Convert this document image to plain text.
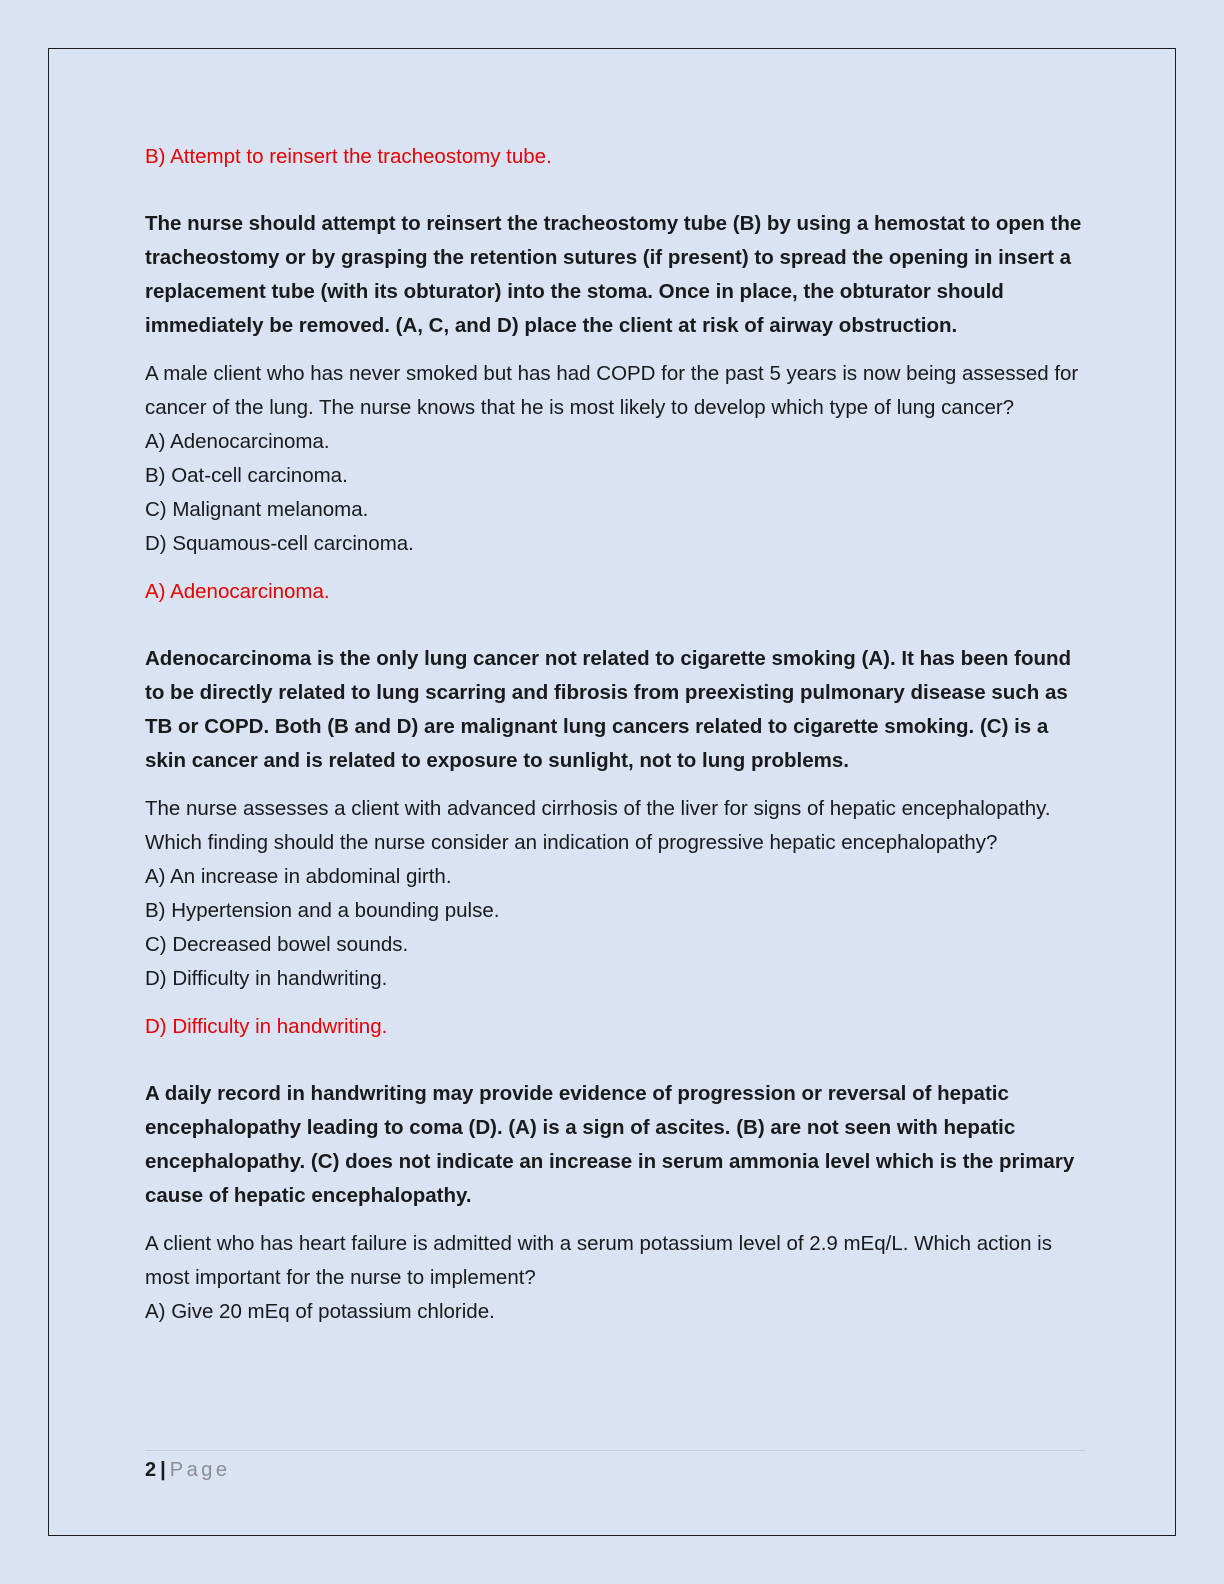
B) Attempt to reinsert the tracheostomy tube.

The nurse should attempt to reinsert the tracheostomy tube (B) by using a hemostat to open the tracheostomy or by grasping the retention sutures (if present) to spread the opening in insert a replacement tube (with its obturator) into the stoma. Once in place, the obturator should immediately be removed. (A, C, and D) place the client at risk of airway obstruction.

A male client who has never smoked but has had COPD for the past 5 years is now being assessed for cancer of the lung. The nurse knows that he is most likely to develop which type of lung cancer?

A) Adenocarcinoma.
B) Oat-cell carcinoma.
C) Malignant melanoma.
D) Squamous-cell carcinoma.

A) Adenocarcinoma.

Adenocarcinoma is the only lung cancer not related to cigarette smoking (A). It has been found to be directly related to lung scarring and fibrosis from preexisting pulmonary disease such as TB or COPD. Both (B and D) are malignant lung cancers related to cigarette smoking. (C) is a skin cancer and is related to exposure to sunlight, not to lung problems.

The nurse assesses a client with advanced cirrhosis of the liver for signs of hepatic encephalopathy. Which finding should the nurse consider an indication of progressive hepatic encephalopathy?

A) An increase in abdominal girth.
B) Hypertension and a bounding pulse.
C) Decreased bowel sounds.
D) Difficulty in handwriting.

D) Difficulty in handwriting.

A daily record in handwriting may provide evidence of progression or reversal of hepatic encephalopathy leading to coma (D). (A) is a sign of ascites. (B) are not seen with hepatic encephalopathy. (C) does not indicate an increase in serum ammonia level which is the primary cause of hepatic encephalopathy.

A client who has heart failure is admitted with a serum potassium level of 2.9 mEq/L. Which action is most important for the nurse to implement?

A) Give 20 mEq of potassium chloride.
2 | Page
